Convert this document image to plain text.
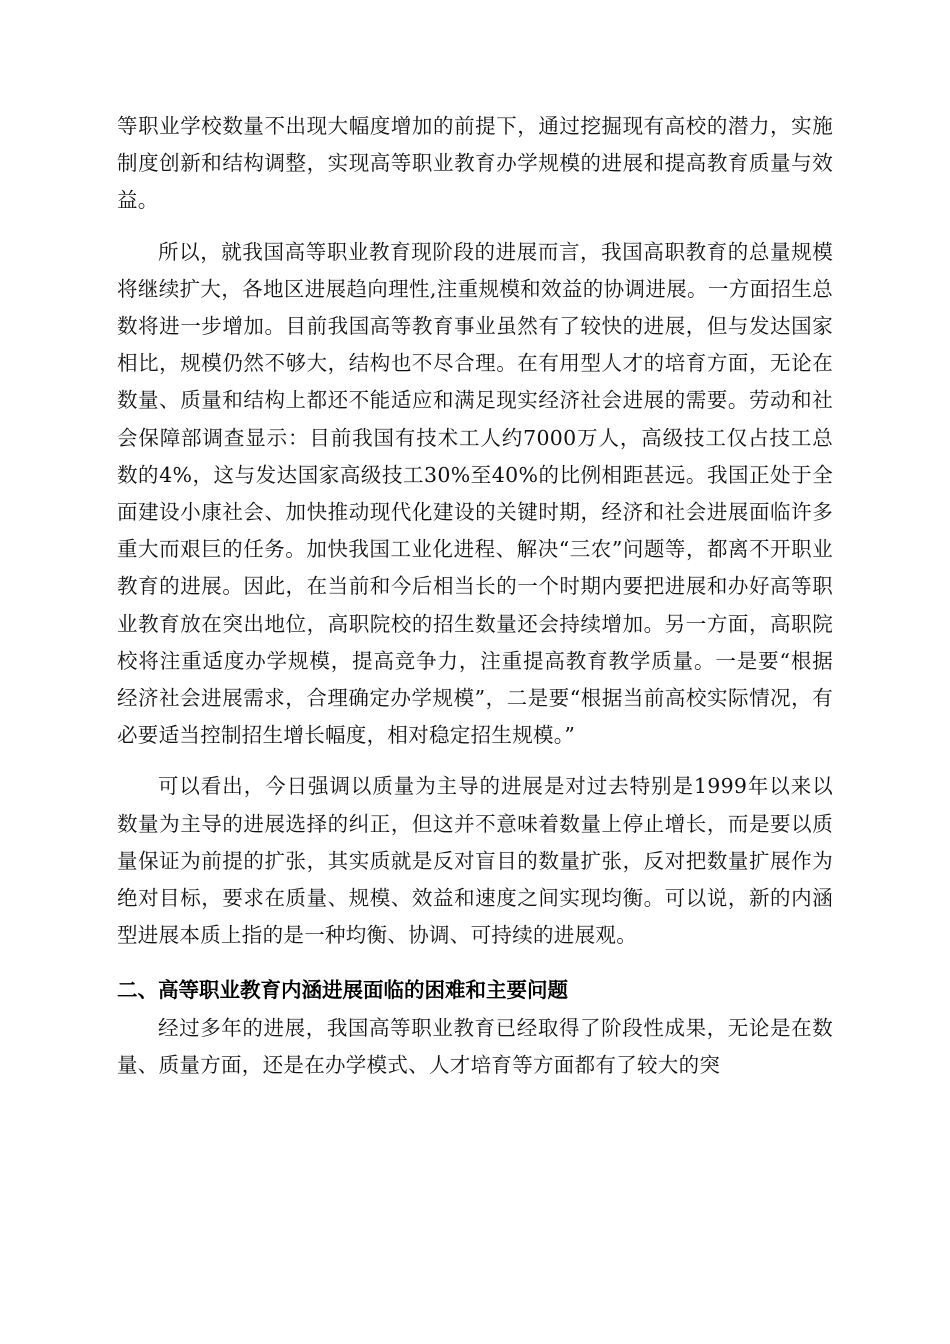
等职业学校数量不出现大幅度增加的前提下，通过挖掘现有高校的潜力，实施制度创新和结构调整，实现高等职业教育办学规模的进展和提高教育质量与效益。

所以，就我国高等职业教育现阶段的进展而言，我国高职教育的总量规模将继续扩大，各地区进展趋向理性,注重规模和效益的协调进展。一方面招生总数将进一步增加。目前我国高等教育事业虽然有了较快的进展，但与发达国家相比，规模仍然不够大，结构也不尽合理。在有用型人才的培育方面，无论在数量、质量和结构上都还不能适应和满足现实经济社会进展的需要。劳动和社会保障部调查显示：目前我国有技术工人约7000万人，高级技工仅占技工总数的4%，这与发达国家高级技工30%至40%的比例相距甚远。我国正处于全面建设小康社会、加快推动现代化建设的关键时期，经济和社会进展面临许多重大而艰巨的任务。加快我国工业化进程、解决“三农”问题等，都离不开职业教育的进展。因此，在当前和今后相当长的一个时期内要把进展和办好高等职业教育放在突出地位，高职院校的招生数量还会持续增加。另一方面，高职院校将注重适度办学规模，提高竞争力，注重提高教育教学质量。一是要“根据经济社会进展需求，合理确定办学规模”，二是要“根据当前高校实际情况，有必要适当控制招生增长幅度，相对稳定招生规模。”

可以看出，今日强调以质量为主导的进展是对过去特别是1999年以来以数量为主导的进展选择的纠正，但这并不意味着数量上停止增长，而是要以质量保证为前提的扩张，其实质就是反对盲目的数量扩张，反对把数量扩展作为绝对目标，要求在质量、规模、效益和速度之间实现均衡。可以说，新的内涵型进展本质上指的是一种均衡、协调、可持续的进展观。

二、高等职业教育内涵进展面临的困难和主要问题

经过多年的进展，我国高等职业教育已经取得了阶段性成果，无论是在数量、质量方面，还是在办学模式、人才培育等方面都有了较大的突
